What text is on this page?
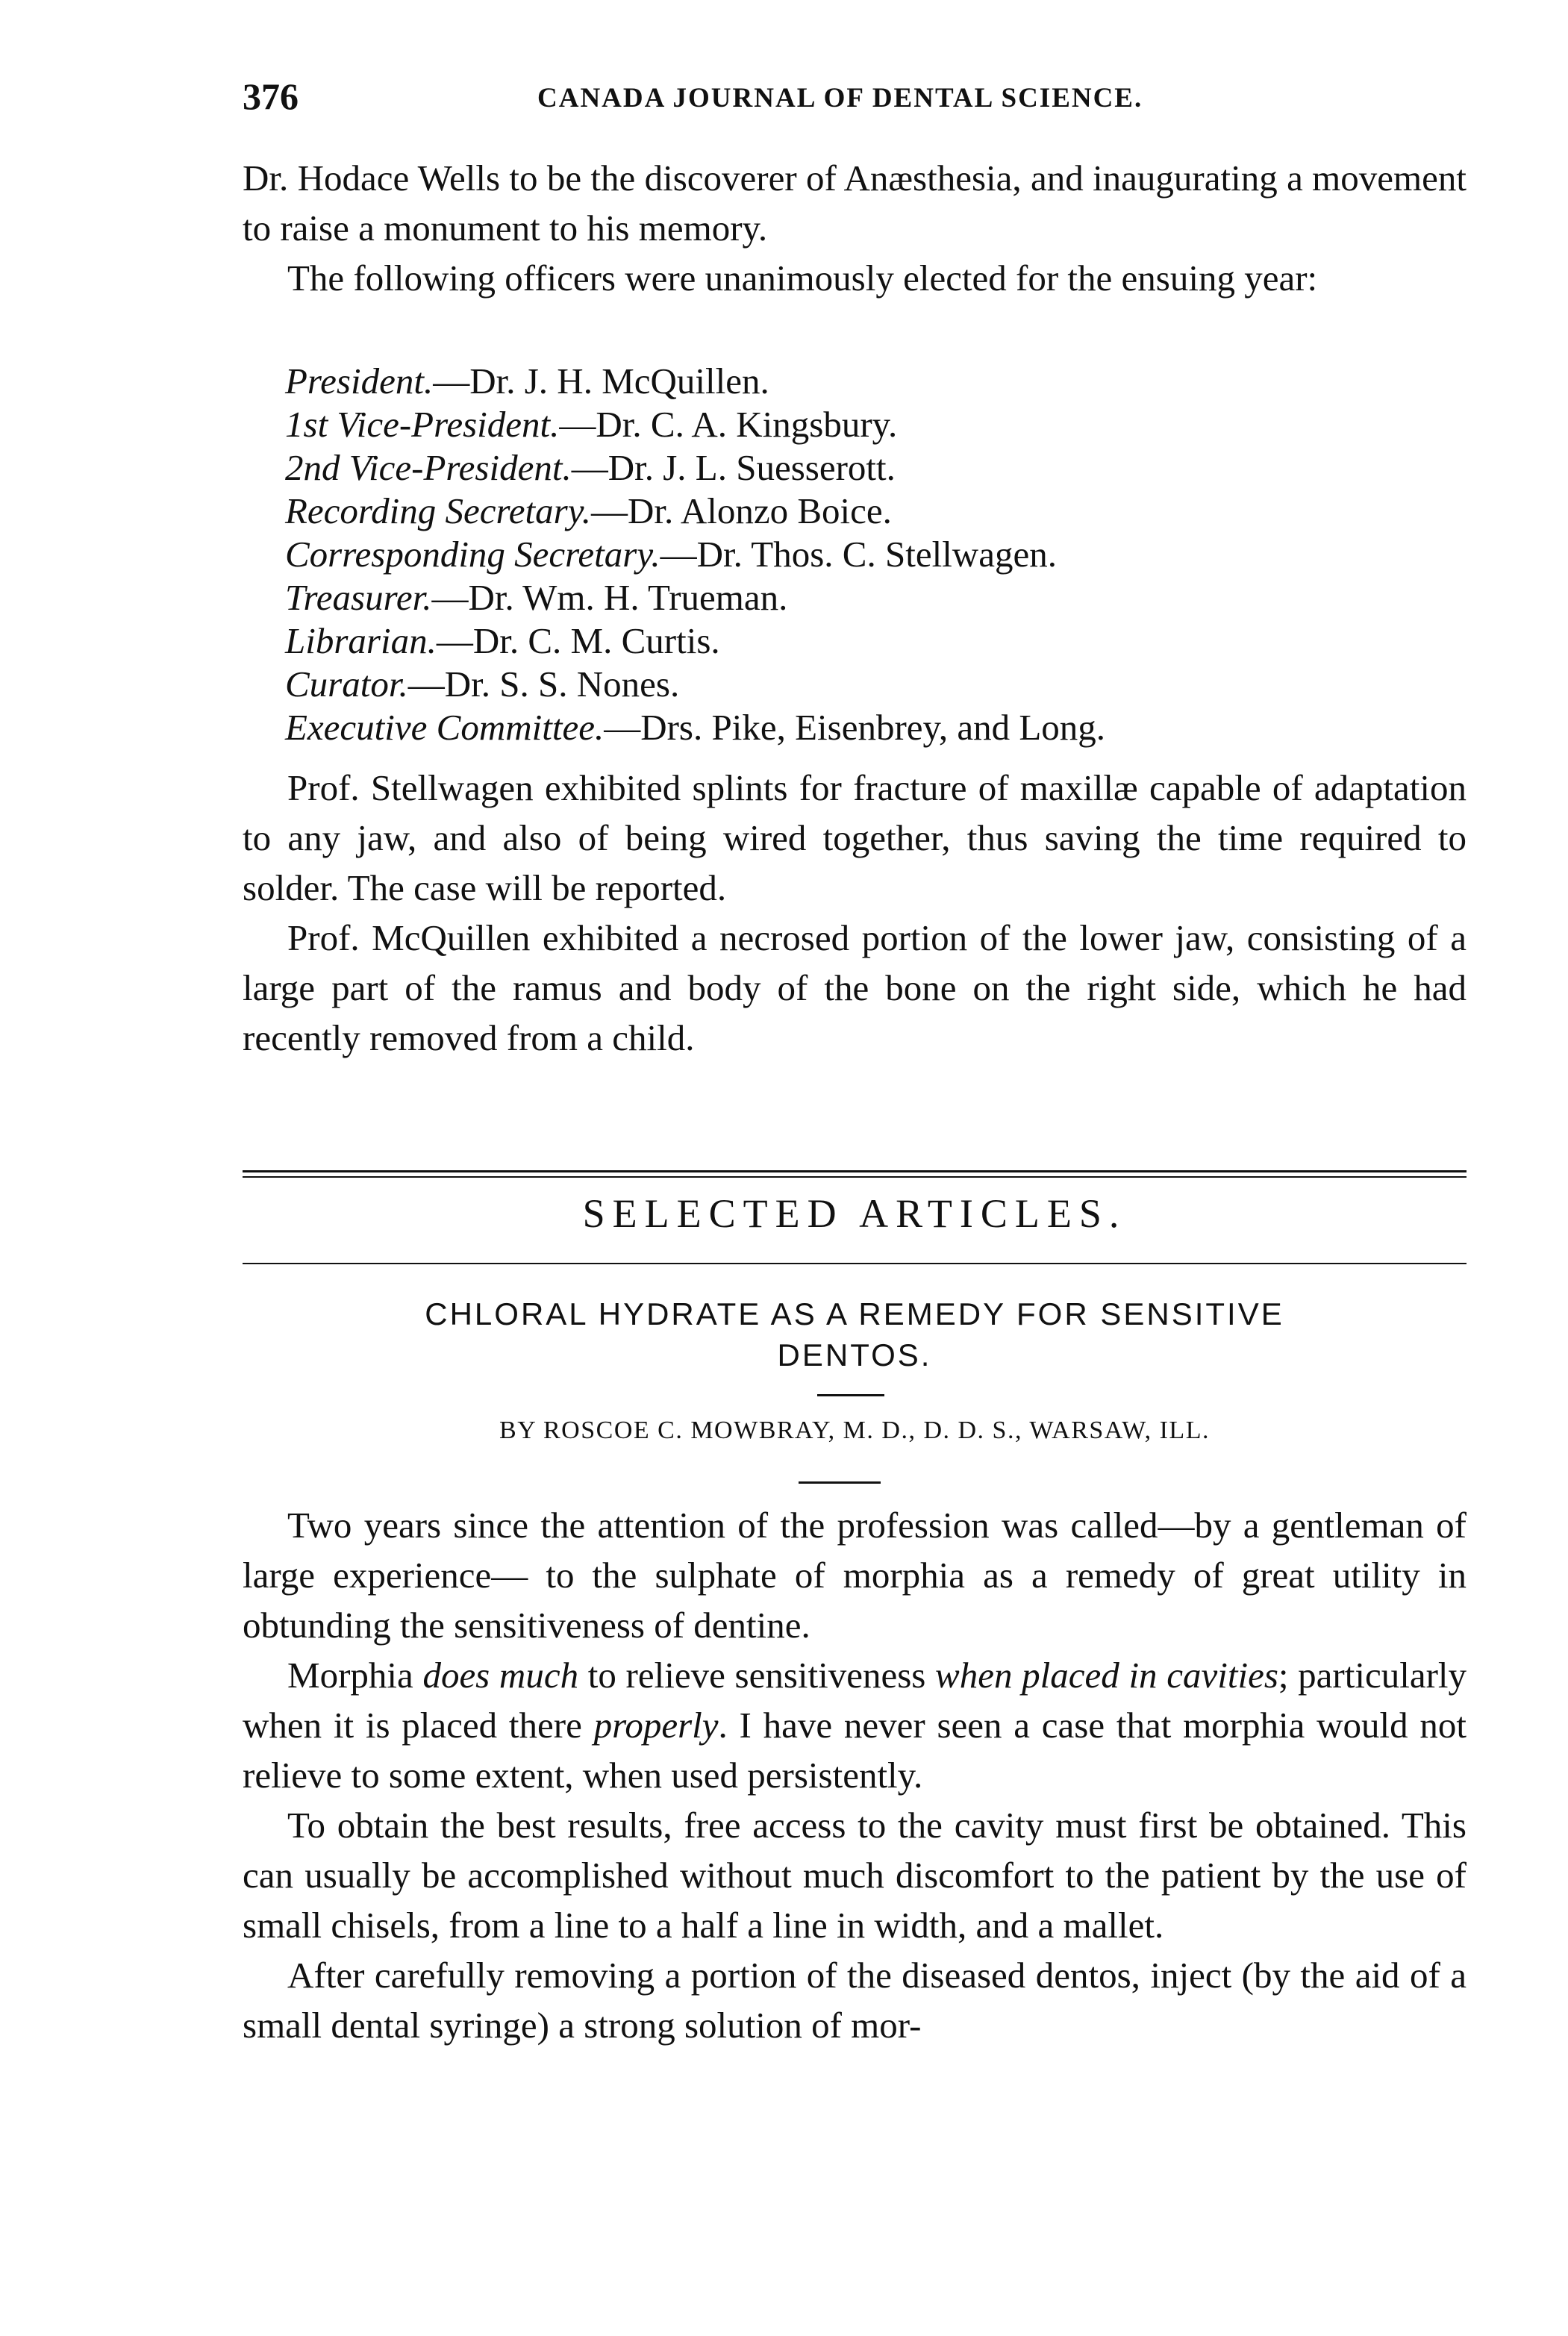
376	CANADA JOURNAL OF DENTAL SCIENCE.

Dr. Hodace Wells to be the discoverer of Anæsthesia, and inaugurating a movement to raise a monument to his memory.

The following officers were unanimously elected for the ensuing year:

President.—Dr. J. H. McQuillen.
1st Vice-President.—Dr. C. A. Kingsbury.
2nd Vice-President.—Dr. J. L. Suesserott.
Recording Secretary.—Dr. Alonzo Boice.
Corresponding Secretary.—Dr. Thos. C. Stellwagen.
Treasurer.—Dr. Wm. H. Trueman.
Librarian.—Dr. C. M. Curtis.
Curator.—Dr. S. S. Nones.
Executive Committee.—Drs. Pike, Eisenbrey, and Long.

Prof. Stellwagen exhibited splints for fracture of maxillæ capable of adaptation to any jaw, and also of being wired together, thus saving the time required to solder. The case will be reported.

Prof. McQuillen exhibited a necrosed portion of the lower jaw, consisting of a large part of the ramus and body of the bone on the right side, which he had recently removed from a child.

SELECTED ARTICLES.
CHLORAL HYDRATE AS A REMEDY FOR SENSITIVE
DENTOS.
BY ROSCOE C. MOWBRAY, M. D., D. D. S., WARSAW, ILL.

Two years since the attention of the profession was called—by a gentleman of large experience— to the sulphate of morphia as a remedy of great utility in obtunding the sensitiveness of dentine.

Morphia does much to relieve sensitiveness when placed in cavities; particularly when it is placed there properly. I have never seen a case that morphia would not relieve to some extent, when used persistently.

To obtain the best results, free access to the cavity must first be obtained. This can usually be accomplished without much discomfort to the patient by the use of small chisels, from a line to a half a line in width, and a mallet.

After carefully removing a portion of the diseased dentos, inject (by the aid of a small dental syringe) a strong solution of mor-
